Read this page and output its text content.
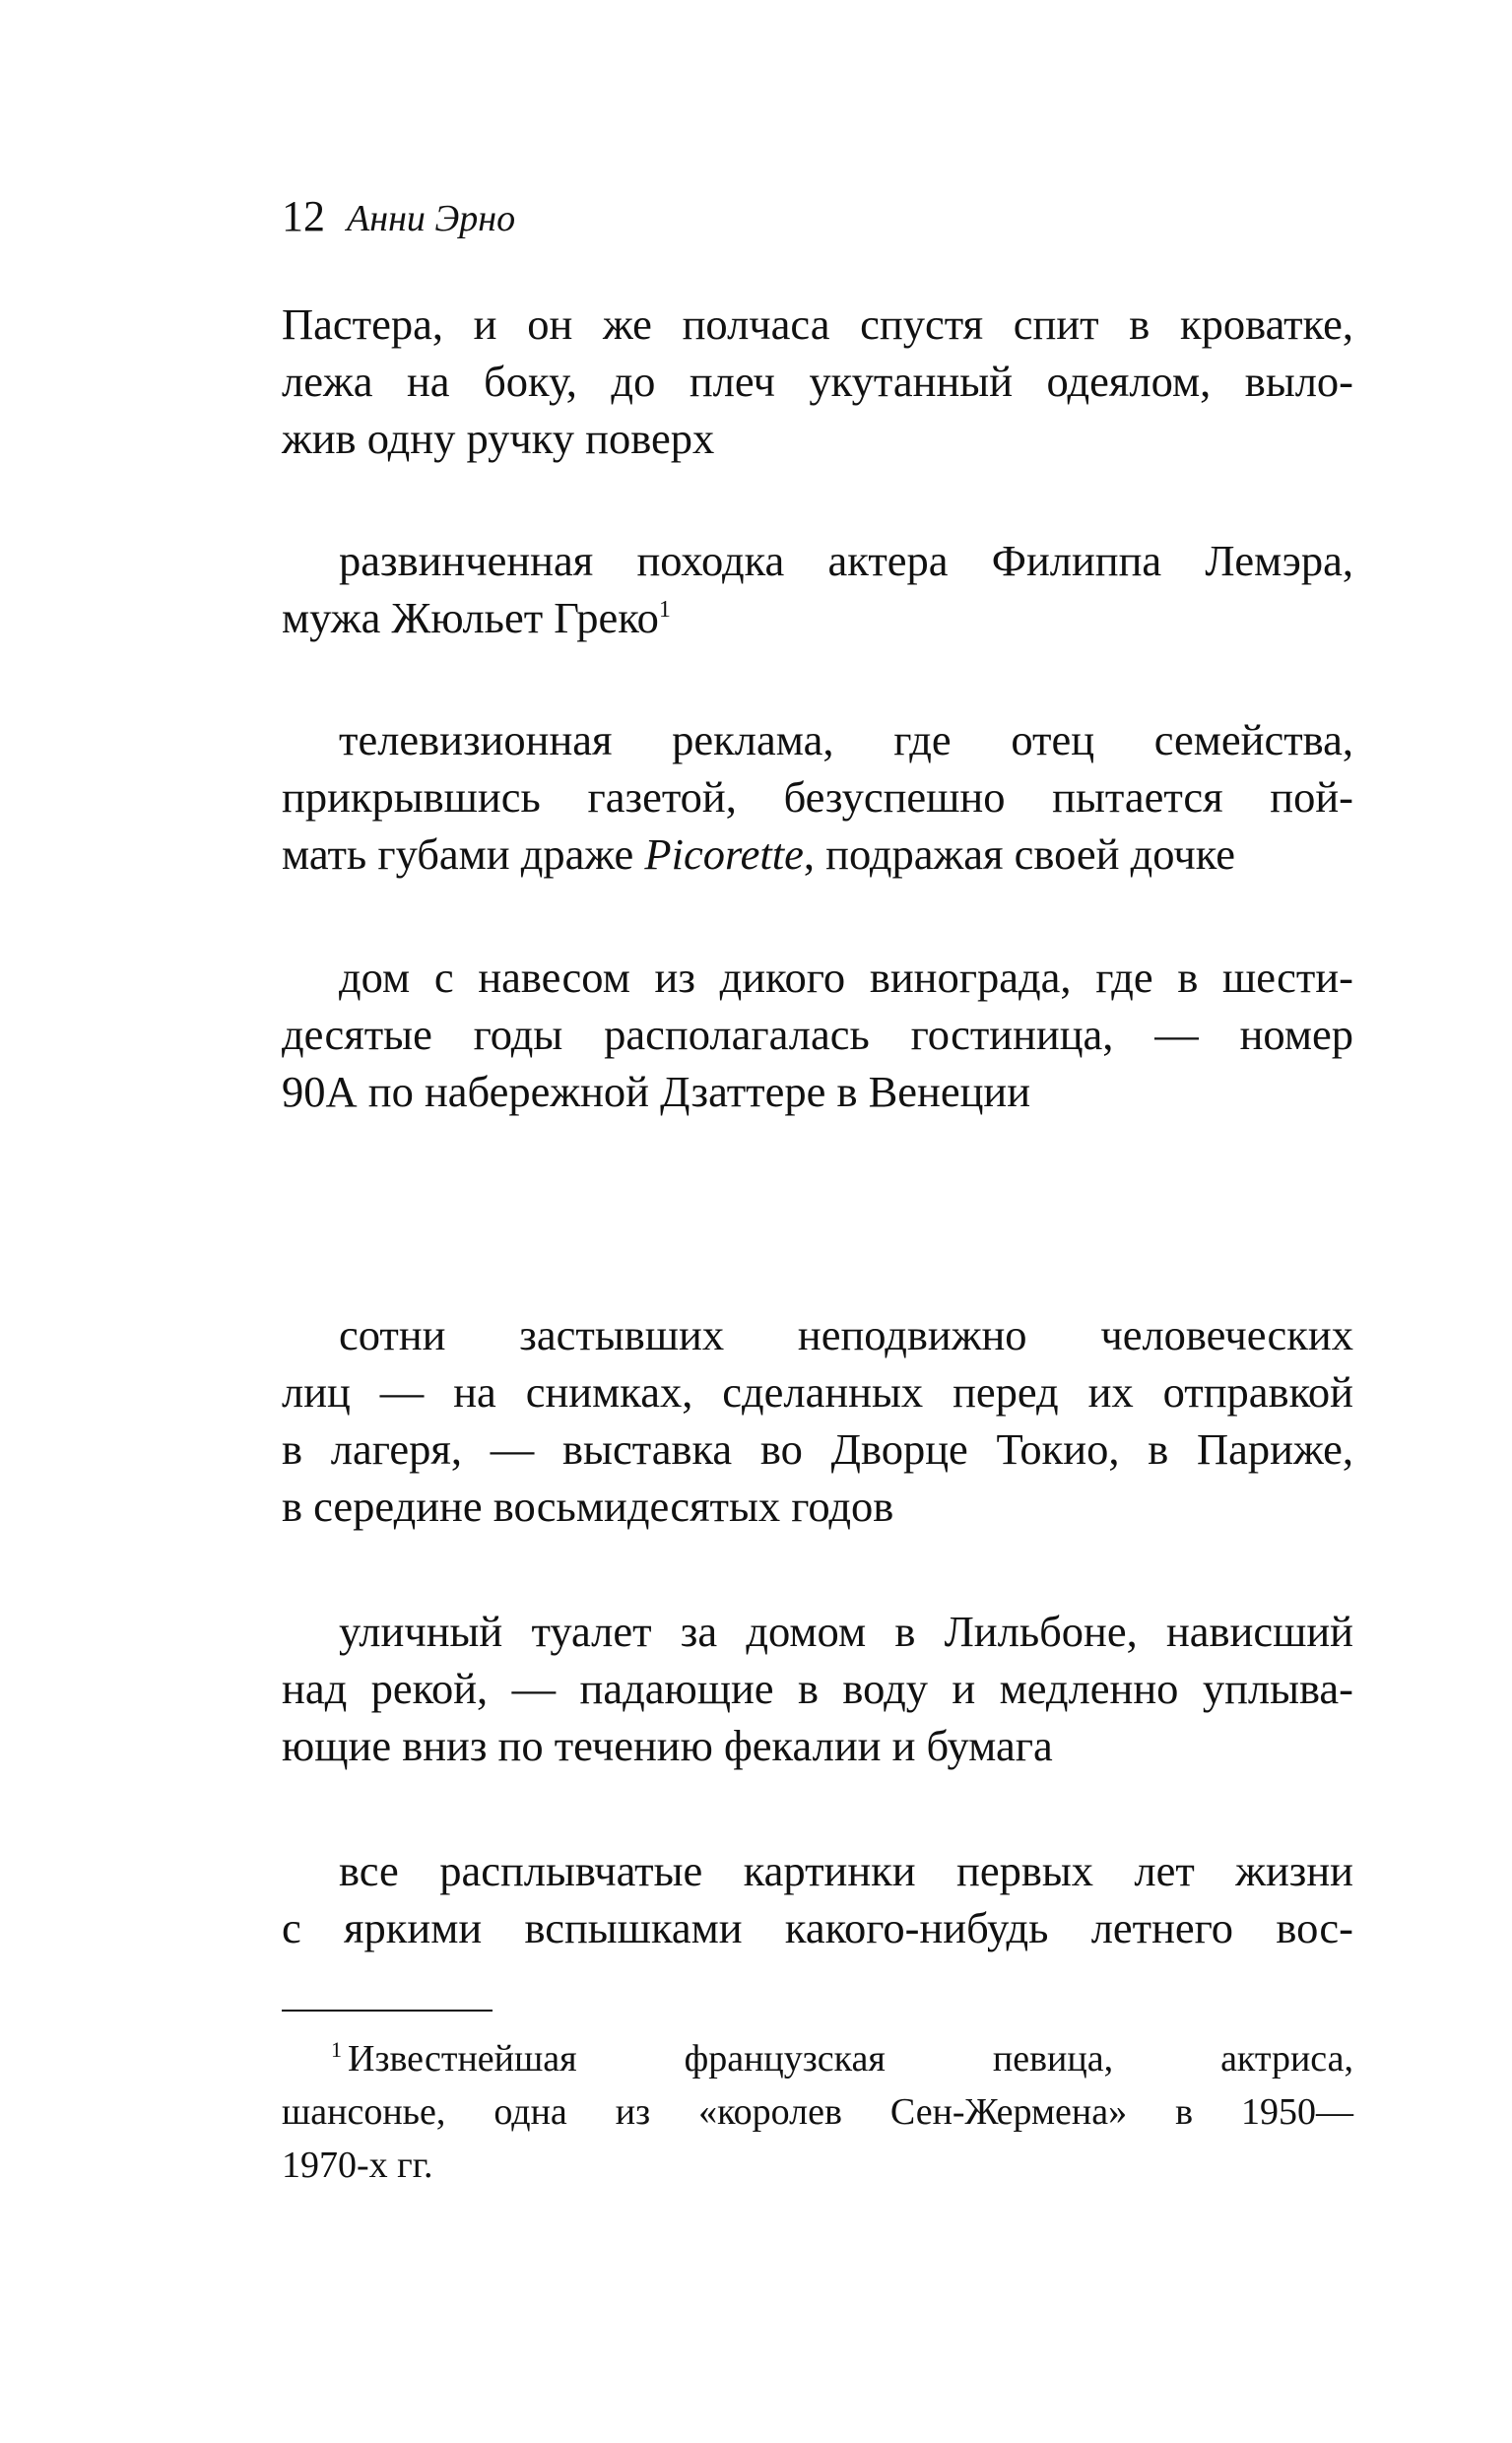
12 Анни Эрно
Пастера, и он же полчаса спустя спит в кроватке,
лежа на боку, до плеч укутанный одеялом, выло-
жив одну ручку поверх
развинченная походка актера Филиппа Лемэра,
мужа Жюльет Греко$^1$
телевизионная реклама, где отец семейства,
прикрывшись газетой, безуспешно пытается пой-
мать губами драже Picorette, подражая своей дочке
дом с навесом из дикого винограда, где в шести-
десятые годы располагалась гостиница, — номер
90А по набережной Дзаттере в Венеции
сотни застывших неподвижно человеческих
лиц — на снимках, сделанных перед их отправкой
в лагеря, — выставка во Дворце Токио, в Париже,
в середине восьмидесятых годов
уличный туалет за домом в Лильбоне, нависший
над рекой, — падающие в воду и медленно уплыва-
ющие вниз по течению фекалии и бумага
все расплывчатые картинки первых лет жизни
с яркими вспышками какого-нибудь летнего вос-
$^1$ Известнейшая французская певица, актриса,
шансонье, одна из «королев Сен-Жермена» в 1950—
1970-х гг.
